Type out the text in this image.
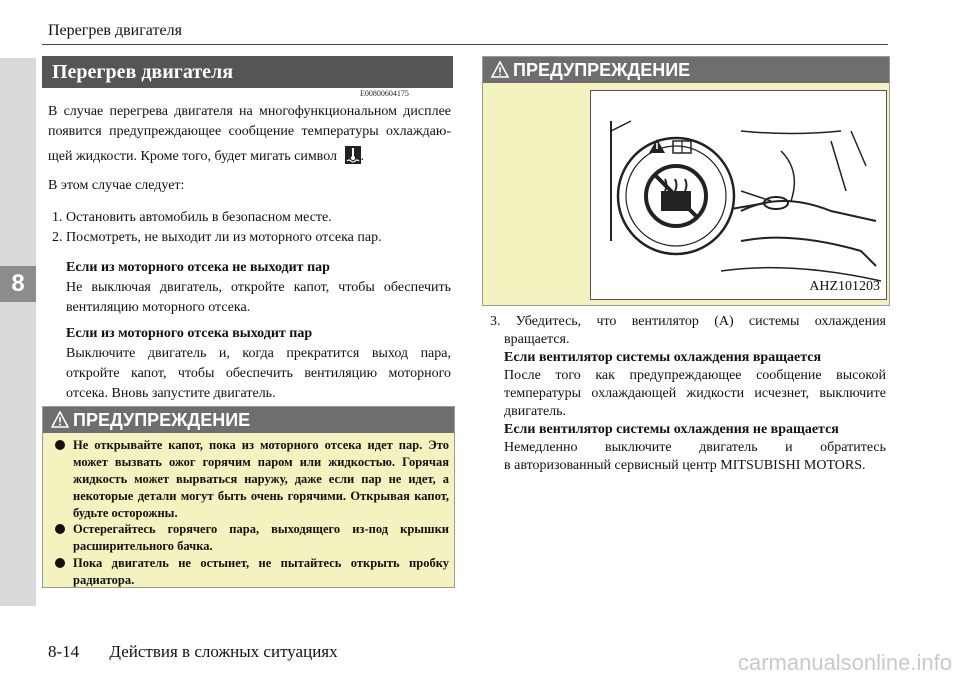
8
Перегрев двигателя
Перегрев двигателя
E00800604175
В случае перегрева двигателя на многофункциональном дисплее
появится предупреждающее сообщение температуры охлаждаю-
щей жидкости. Кроме того, будет мигать символ .
В этом случае следует:
1. Остановить автомобиль в безопасном месте.
2. Посмотреть, не выходит ли из моторного отсека пар.
Если из моторного отсека не выходит пар
Не выключая двигатель, откройте капот, чтобы обеспечить
вентиляцию моторного отсека.
Если из моторного отсека выходит пар
Выключите двигатель и, когда прекратится выход пара,
откройте капот, чтобы обеспечить вентиляцию моторного
отсека. Вновь запустите двигатель.
ПРЕДУПРЕЖДЕНИЕ
Не открывайте капот, пока из моторного отсека идет пар. Это может вызвать ожог горячим паром или жидкостью. Горячая жидкость может вырваться наружу, даже если пар не идет, а некоторые детали могут быть очень горячими. Открывая капот, будьте осторожны.
Остерегайтесь горячего пара, выходящего из-под крышки расширительного бачка.
Пока двигатель не остынет, не пытайтесь открыть пробку радиатора.
ПРЕДУПРЕЖДЕНИЕ
AHZ101203
3. Убедитесь, что вентилятор (A) системы охлаждения
вращается.
Если вентилятор системы охлаждения вращается
После того как предупреждающее сообщение высокой
температуры охлаждающей жидкости исчезнет, выключите
двигатель.
Если вентилятор системы охлаждения не вращается
Немедленно выключите двигатель и обратитесь
в авторизованный сервисный центр MITSUBISHI MOTORS.
8-14 Действия в сложных ситуациях	carmanualsonline.info
